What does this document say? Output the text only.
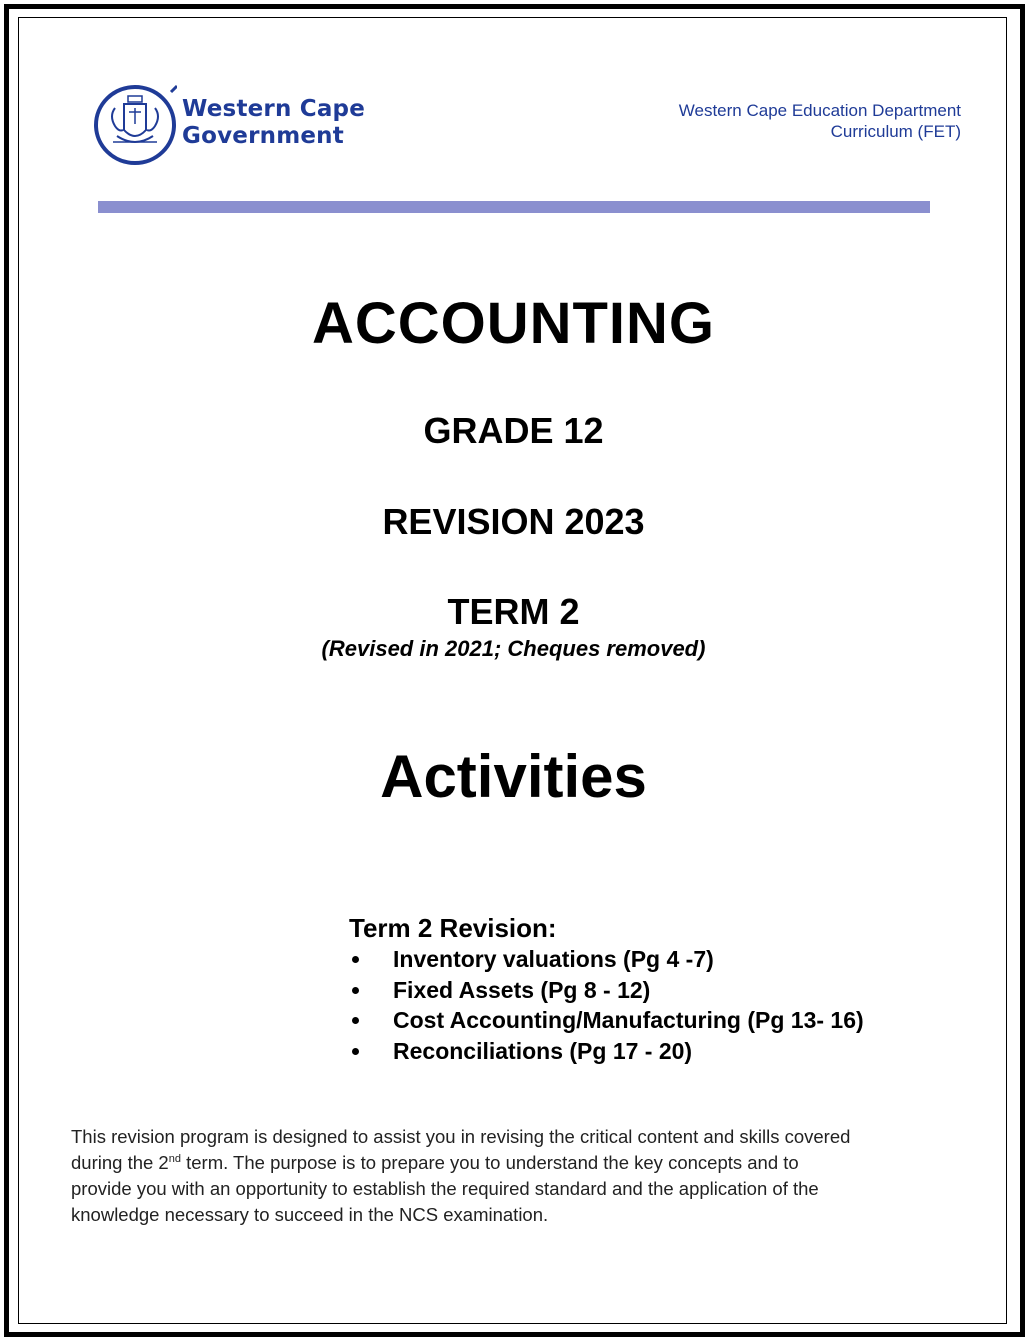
Western Cape
Government
Western Cape Education Department
Curriculum (FET)
ACCOUNTING
GRADE 12
REVISION 2023
TERM 2
(Revised in 2021; Cheques removed)
Activities
Term 2 Revision:
Inventory valuations (Pg 4 -7)
Fixed Assets (Pg 8 - 12)
Cost Accounting/Manufacturing (Pg 13- 16)
Reconciliations (Pg 17 - 20)

This revision program is designed to assist you in revising the critical content and skills covered

during the 2nd term. The purpose is to prepare you to understand the key concepts and to

provide you with an opportunity to establish the required standard and the application of the

knowledge necessary to succeed in the NCS examination.
